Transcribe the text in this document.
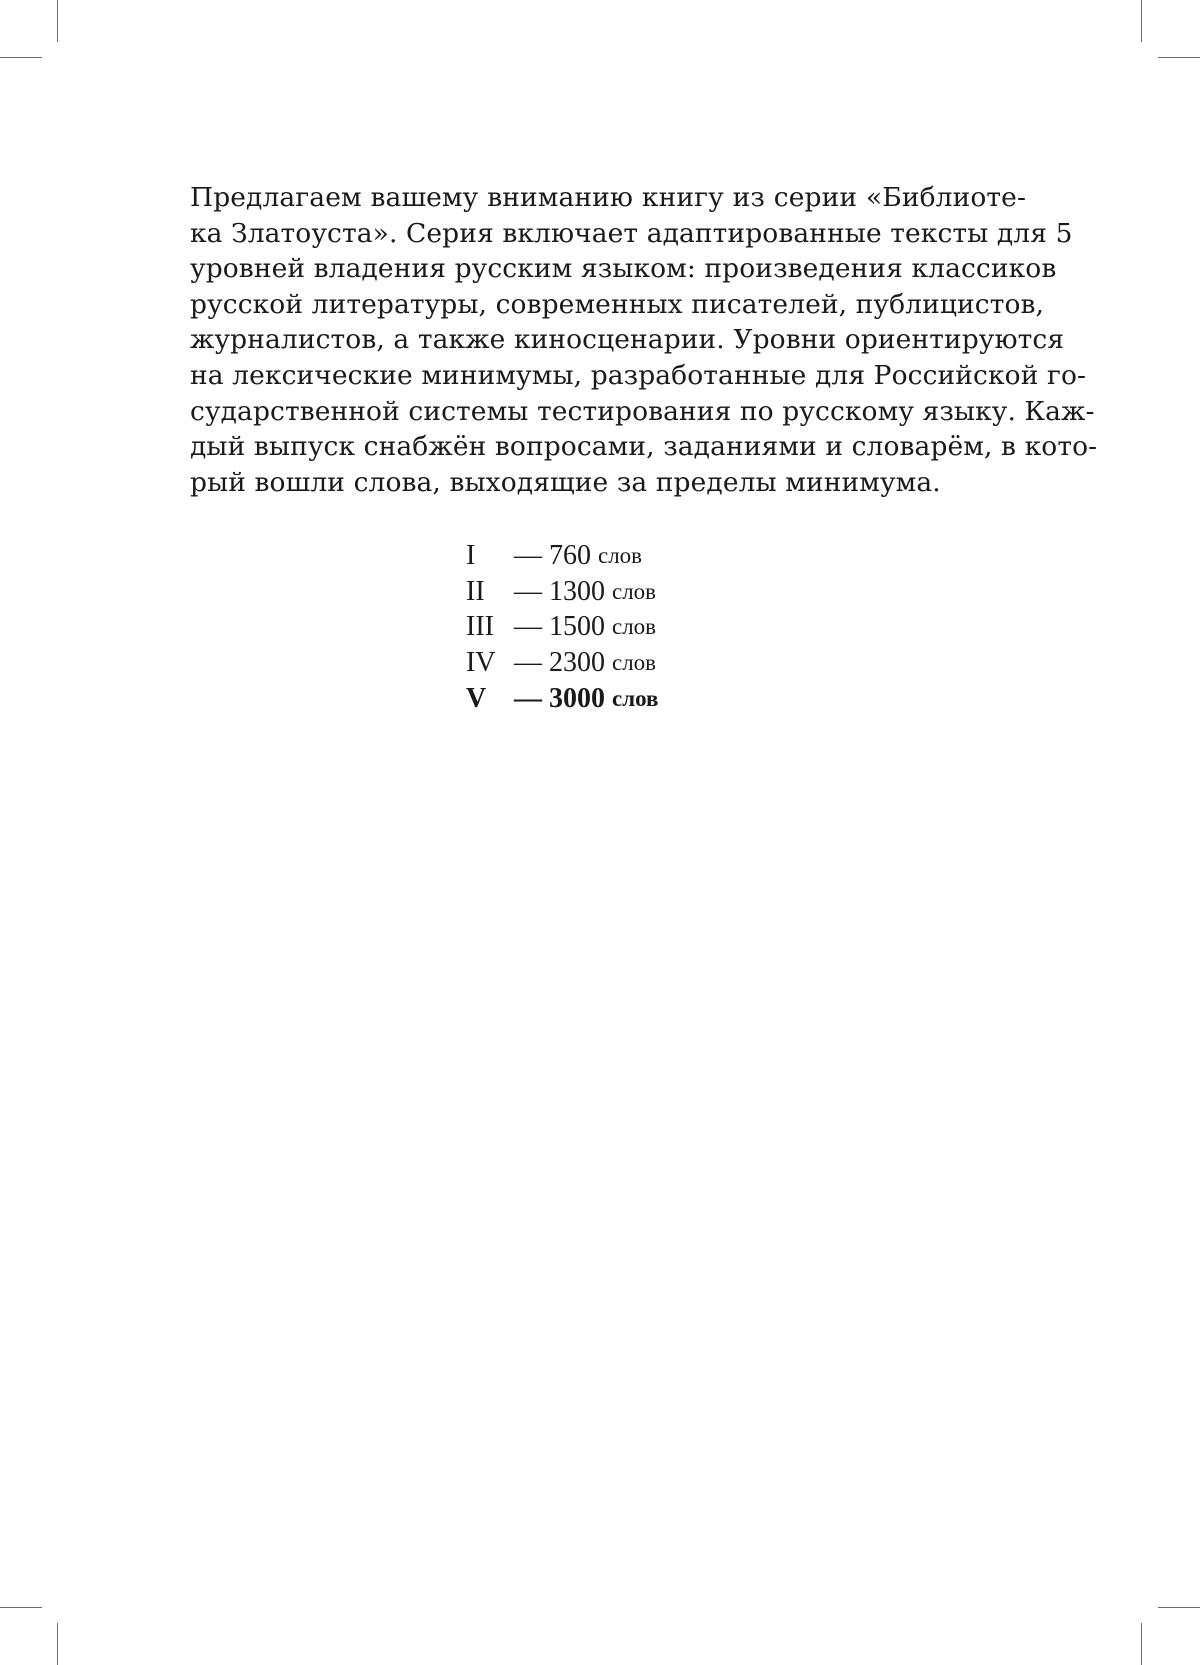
Предлагаем вашему вниманию книгу из серии «Библиоте-
ка Златоуста». Серия включает адаптированные тексты для 5
уровней владения русским языком: произведения классиков
русской литературы, современных писателей, публицистов,
журналистов, а также киносценарии. Уровни ориентируются
на лексические минимумы, разработанные для Российской го-
сударственной системы тестирования по русскому языку. Каж-
дый выпуск снабжён вопросами, заданиями и словарём, в кото-
рый вошли слова, выходящие за пределы минимума.

I	— 760
слов
II	— 1300
слов
III — 1500
слов
IV — 2300
слов
V — 3000
слов
